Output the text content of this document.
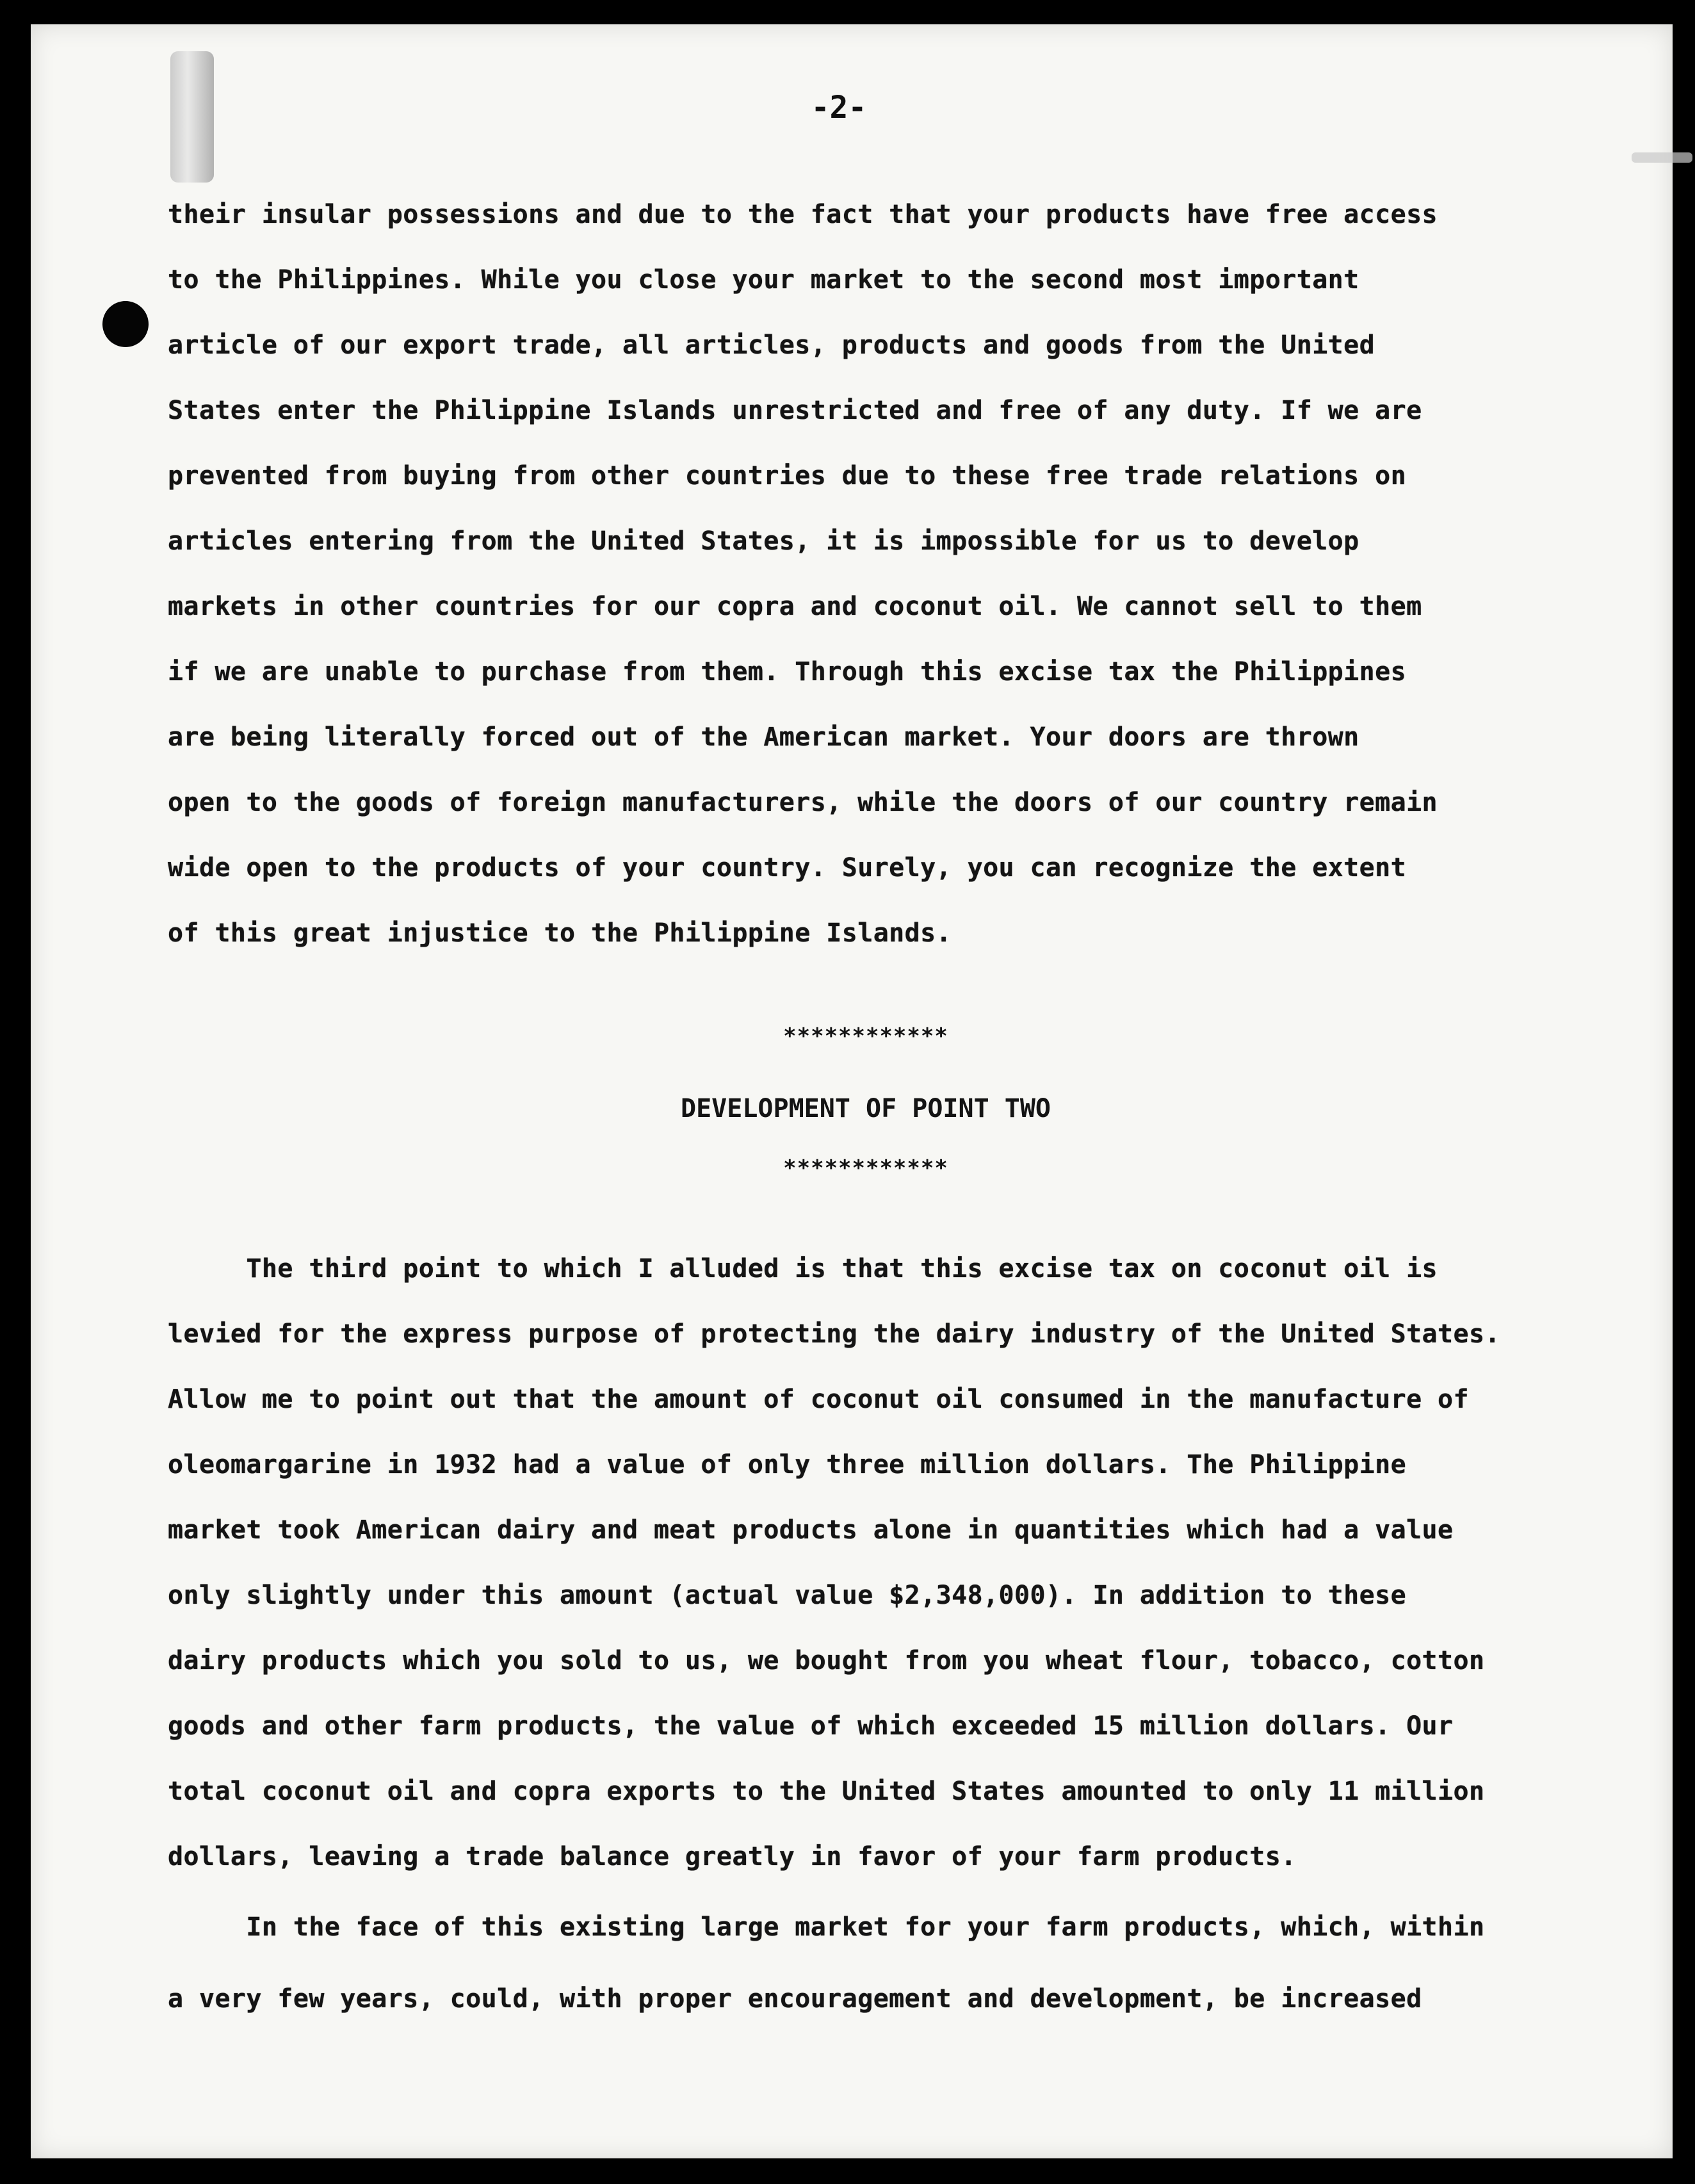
-2-
their insular possessions and due to the fact that your products have free access
to the Philippines. While you close your market to the second most important
article of our export trade, all articles, products and goods from the United
States enter the Philippine Islands unrestricted and free of any duty. If we are
prevented from buying from other countries due to these free trade relations on
articles entering from the United States, it is impossible for us to develop
markets in other countries for our copra and coconut oil. We cannot sell to them
if we are unable to purchase from them. Through this excise tax the Philippines
are being literally forced out of the American market. Your doors are thrown
open to the goods of foreign manufacturers, while the doors of our country remain
wide open to the products of your country. Surely, you can recognize the extent
of this great injustice to the Philippine Islands.
************
DEVELOPMENT OF POINT TWO
************
The third point to which I alluded is that this excise tax on coconut oil is
levied for the express purpose of protecting the dairy industry of the United States.
Allow me to point out that the amount of coconut oil consumed in the manufacture of
oleomargarine in 1932 had a value of only three million dollars. The Philippine
market took American dairy and meat products alone in quantities which had a value
only slightly under this amount (actual value $2,348,000). In addition to these
dairy products which you sold to us, we bought from you wheat flour, tobacco, cotton
goods and other farm products, the value of which exceeded 15 million dollars. Our
total coconut oil and copra exports to the United States amounted to only 11 million
dollars, leaving a trade balance greatly in favor of your farm products.
In the face of this existing large market for your farm products, which, within
a very few years, could, with proper encouragement and development, be increased
